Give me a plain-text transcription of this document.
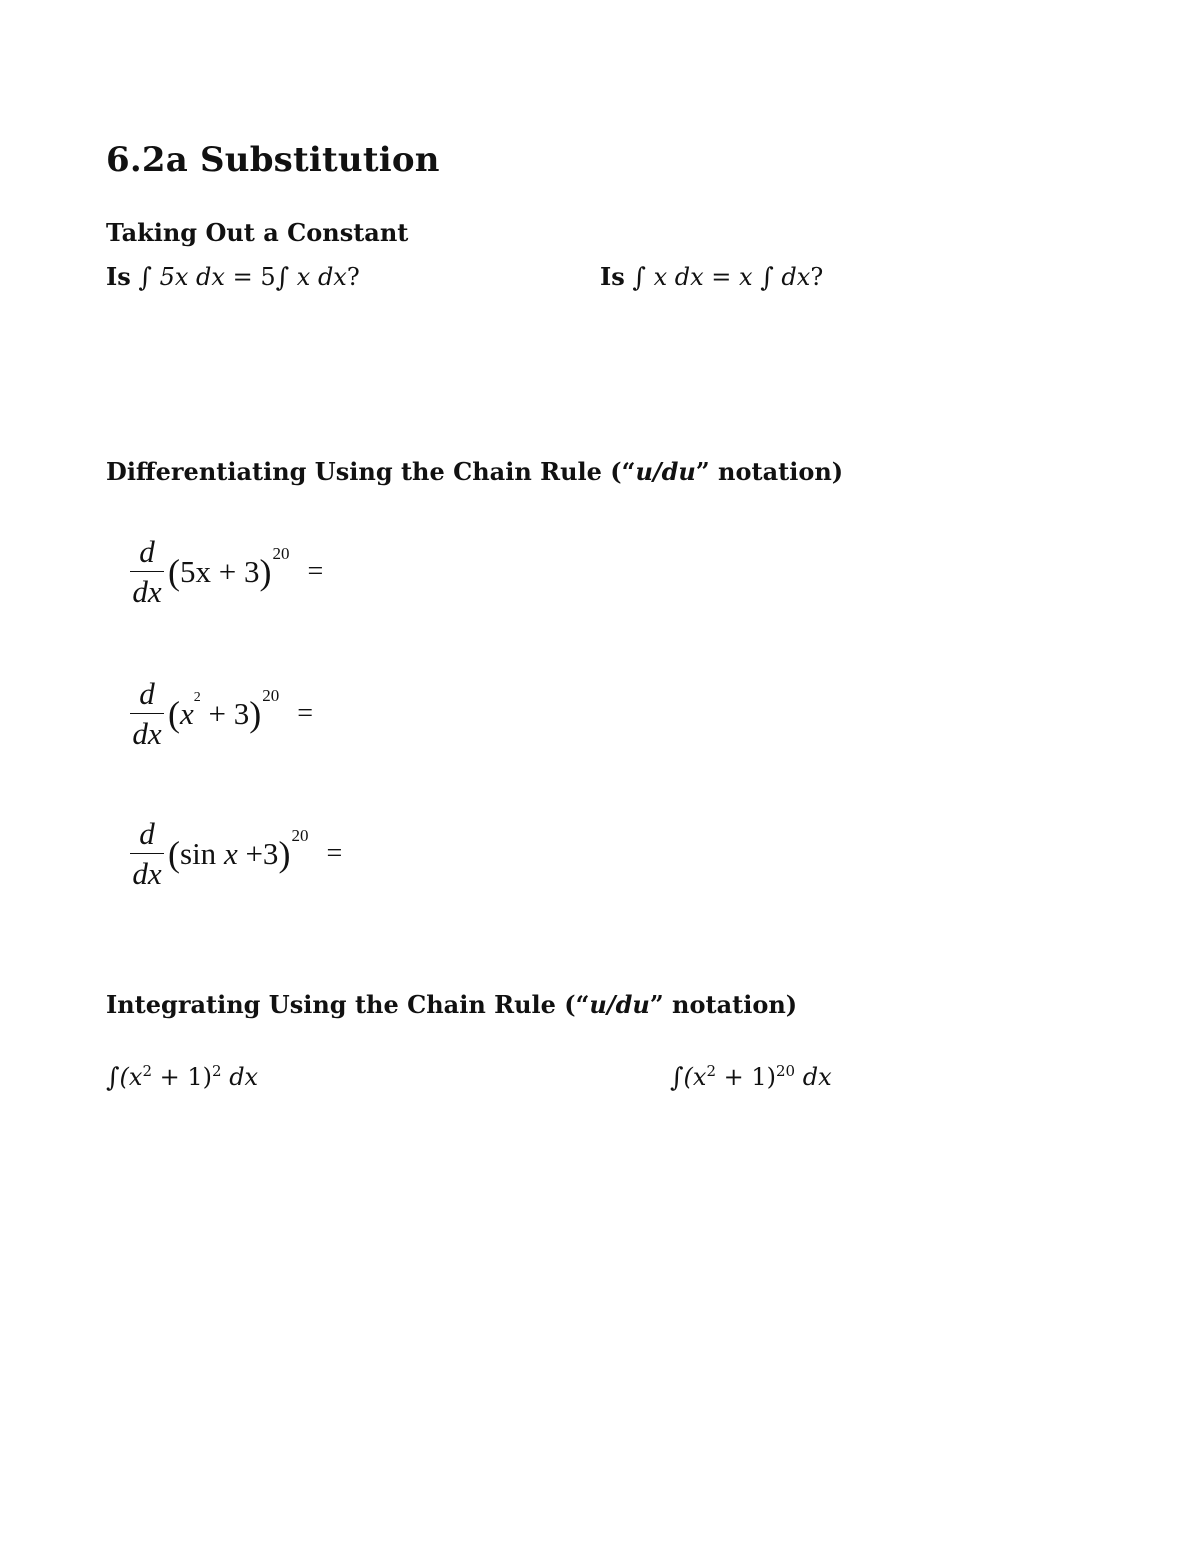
6.2a Substitution
Taking Out a Constant
Is ∫ 5x dx = 5∫ x dx?	Is ∫ x dx = x ∫ dx?
Differentiating Using the Chain Rule (“u/du” notation)
$\frac{d}{dx}$ ( 5x + 3 ) 20
=
$\frac{d}{dx}$ ( x 2
+ 3 ) 20
=
$\frac{d}{dx}$ ( sin
x
+3 ) 20
=
Integrating Using the Chain Rule (“u/du” notation)
$\int(x^2 + 1)^2$ dx	$\int(x^2 + 1)^{20}$ dx
